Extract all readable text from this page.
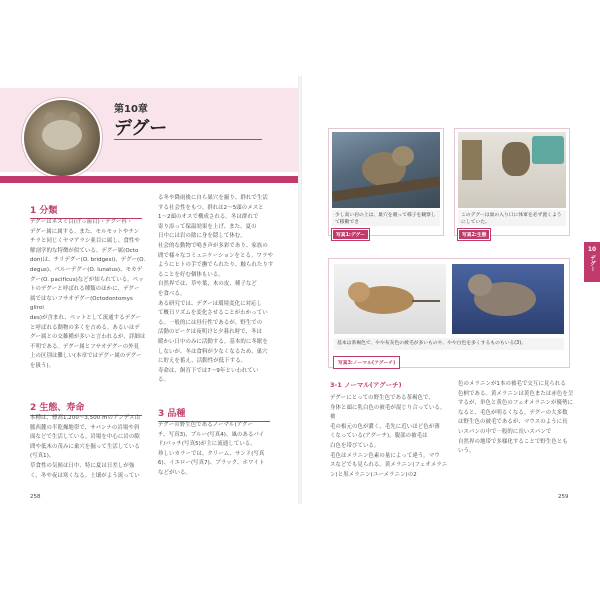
第10章
デグー
1 分類
デグーはネズミ目(げっ歯目)・デグー科・
デグー属に属する。また、モルモットやチン
チラと同じくヤマアラシ亜目に属し、食性や
解剖学的な特徴が似ている。デグー属(Octo
don)は、チリデグー(O. bridgesi)、デグー(O.
degus)、ペルーデグー(O. lunatus)、モカデ
グー(O. pacificus)などが知られている。ペッ
トのデグーと呼ばれる種類のほかに、デグー
属ではないフサオデグー(Octodontomys gliroi
des)が含まれ、ペットとして流通するデグー
と呼ばれる動物の多くを占める。あるいはデ
グー属との交雑種が多いと言われるが、詳細は
不明である。デグー属とフサオデグーの外見
上の区別は難しい(本章ではデグー属のデグー
を扱う)。
2 生態、寿命
本種は、標高1,200〜3,500 mのアンデス山
脈西麓の半乾燥地帯で、サバンナの岩場や斜
面などで生活している。岩場を中心に岩の隙
間や低木の茂みに巣穴を掘って生活している
(写真1)。
草食性の気候は日中、特に夏は日差しが強
く、冬や夜は寒くなる。土壌がよう流ってい
る冬や降雨後に自ら巣穴を掘り、群れで生活
する社会性をもつ。群れは2〜5頭のメスと
1〜2頭のオスで構成される。冬は群れで
寄り添って保温効果を上げ、また、夏の
日中には岩の陰に身を隠して休む。
社会的な動物で鳴き声が多彩であり、家族の
間で様々なコミュニケーションをとる。ワラや
ようにヒトの手で撫でられたり、触られたりす
ることを好む個体もいる。
自然界では、草や葉、木の皮、種子など
を食べる。
ある研究では、デグーは環境変化に対応し
て概日リズムを変化させることがわかってい
る。一般的には昼行性であるが、野生での
活動のピークは夜明けと夕暮れ時で、冬は
暖かい日中のみに活動する。基本的に冬眠を
しないが、冬は食料が少なくなるため、巣穴
に貯えを蓄え、活動性が低下する。
寿命は、飼育下では7〜9年といわれてい
る。
3 品種
デグーの野生色であるノーマル(アグー
チ、写真3)、ブルー(写真4)、風のあるパイ
ド/パッチ(写真5)が主に流通している。
珍しいカラーでは、クリーム、サンド(写真
6)、イエロー(写真7)、ブラック、ホワイト
などがいる。
258
少し高い岩の上は、巣穴を覗って様子を観察して移動でき
写真1:デグー
このデグーは巣の入り口に体軍を必ず置くようにしていた。
写真2:生態
基本は茶褐色で、やや灰灰色の被毛が多いものや、やや白色を多くするものもいる(3)。
写真3:ノーマル(アグーチ)
3-1 ノーマル(アグーチ)
デグーにとっての野生色である茶褐色で、
身体と頭に乳白色の被毛が混じり合っている。被
毛の根元の色が濃く、毛先に近いほど色が薄
くなっている(アグーチ)。腹部の被毛は
白色を帯びている。
毛色はメラニン色素の量によって違う。マウ
スなどでも見られる。黄メラニン(フェオメラニ
ン)と黒メラニン(ユーメラニン)の2
色のメラニンが1本の被毛で交互に見られる
色柄である。黄メラニンは黄色または赤色を呈
するが、単色と黄色のフェオメラニンが優勢に
なると、毛色が明るくなる。デグーの大多数
は野生色の被毛であるが、マウスのように長
いスパンの中で一般的に長いスパンで
自然界の地帯で多様化することで野生色とも
いう。
259
10
デグー
